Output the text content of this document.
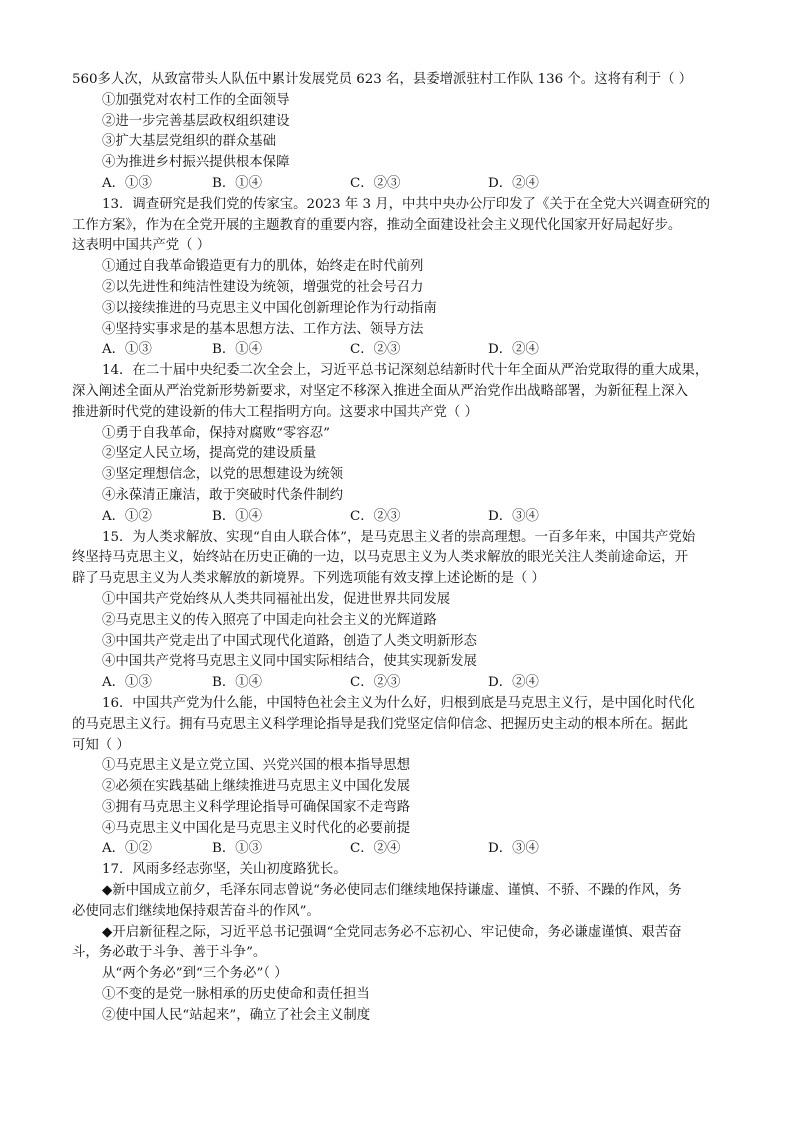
560多人次，从致富带头人队伍中累计发展党员 623 名，县委增派驻村工作队 136 个。这将有利于（ ）
①加强党对农村工作的全面领导
②进一步完善基层政权组织建设
③扩大基层党组织的群众基础
④为推进乡村振兴提供根本保障
A．①③	B．①④	C．②③	D．②④
13．调查研究是我们党的传家宝。2023 年 3 月，中共中央办公厅印发了《关于在全党大兴调查研究的
工作方案》，作为在全党开展的主题教育的重要内容，推动全面建设社会主义现代化国家开好局起好步。
这表明中国共产党（ ）
①通过自我革命锻造更有力的肌体，始终走在时代前列
②以先进性和纯洁性建设为统领，增强党的社会号召力
③以接续推进的马克思主义中国化创新理论作为行动指南
④坚持实事求是的基本思想方法、工作方法、领导方法
A．①③	B．①④	C．②③	D．②④
14．在二十届中央纪委二次全会上，习近平总书记深刻总结新时代十年全面从严治党取得的重大成果，
深入阐述全面从严治党新形势新要求，对坚定不移深入推进全面从严治党作出战略部署，为新征程上深入
推进新时代党的建设新的伟大工程指明方向。这要求中国共产党（ ）
①勇于自我革命，保持对腐败“零容忍”
②坚定人民立场，提高党的建设质量
③坚定理想信念，以党的思想建设为统领
④永葆清正廉洁，敢于突破时代条件制约
A．①②	B．①④	C．②③	D．③④
15．为人类求解放、实现“自由人联合体”，是马克思主义者的崇高理想。一百多年来，中国共产党始
终坚持马克思主义，始终站在历史正确的一边，以马克思主义为人类求解放的眼光关注人类前途命运，开
辟了马克思主义为人类求解放的新境界。下列选项能有效支撑上述论断的是（ ）
①中国共产党始终从人类共同福祉出发，促进世界共同发展
②马克思主义的传入照亮了中国走向社会主义的光辉道路
③中国共产党走出了中国式现代化道路，创造了人类文明新形态
④中国共产党将马克思主义同中国实际相结合，使其实现新发展
A．①③	B．①④	C．②③	D．②④
16．中国共产党为什么能，中国特色社会主义为什么好，归根到底是马克思主义行，是中国化时代化
的马克思主义行。拥有马克思主义科学理论指导是我们党坚定信仰信念、把握历史主动的根本所在。据此
可知（ ）
①马克思主义是立党立国、兴党兴国的根本指导思想
②必须在实践基础上继续推进马克思主义中国化发展
③拥有马克思主义科学理论指导可确保国家不走弯路
④马克思主义中国化是马克思主义时代化的必要前提
A．①②	B．①③	C．②④	D．③④
17．风雨多经志弥坚，关山初度路犹长。
◆新中国成立前夕，毛泽东同志曾说“务必使同志们继续地保持谦虚、谨慎、不骄、不躁的作风，务
必使同志们继续地保持艰苦奋斗的作风”。
◆开启新征程之际，习近平总书记强调“全党同志务必不忘初心、牢记使命，务必谦虚谨慎、艰苦奋
斗，务必敢于斗争、善于斗争”。
从“两个务必”到“三个务必”（ ）
①不变的是党一脉相承的历史使命和责任担当
②使中国人民“站起来”，确立了社会主义制度
